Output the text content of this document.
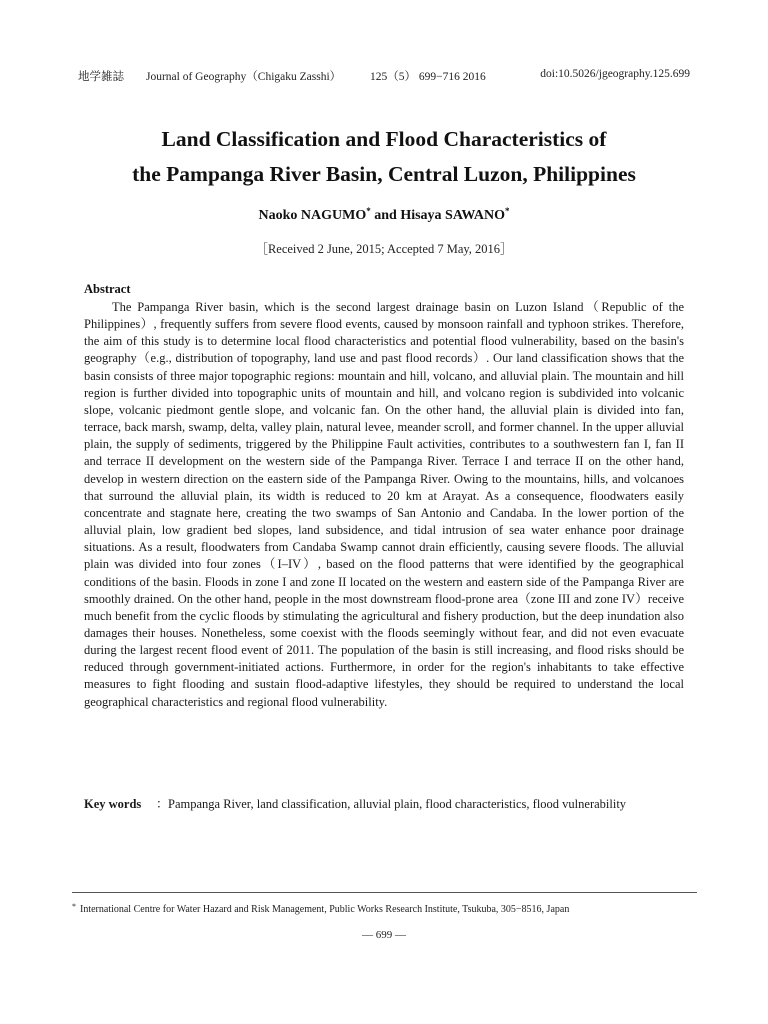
地学雑誌 Journal of Geography（Chigaku Zasshi）	125（5） 699−716 2016	doi:10.5026/jgeography.125.699
Land Classification and Flood Characteristics of
the Pampanga River Basin, Central Luzon, Philippines
Naoko NAGUMO* and Hisaya SAWANO*
［Received 2 June, 2015; Accepted 7 May, 2016］
Abstract

The Pampanga River basin, which is the second largest drainage basin on Luzon Island（Republic of the Philippines）, frequently suffers from severe flood events, caused by monsoon rainfall and typhoon strikes. Therefore, the aim of this study is to determine local flood characteristics and potential flood vulnerability, based on the basin's geography（e.g., distribution of topography, land use and past flood records）. Our land classification shows that the basin consists of three major topographic regions: mountain and hill, volcano, and alluvial plain. The mountain and hill region is further divided into topographic units of mountain and hill, and volcano region is subdivided into volcanic slope, volcanic piedmont gentle slope, and volcanic fan. On the other hand, the alluvial plain is divided into fan, terrace, back marsh, swamp, delta, valley plain, natural levee, meander scroll, and former channel. In the upper alluvial plain, the supply of sediments, triggered by the Philippine Fault activities, contributes to a southwestern fan I, fan II and terrace II development on the western side of the Pampanga River. Terrace I and terrace II on the other hand, develop in western direction on the eastern side of the Pampanga River. Owing to the mountains, hills, and volcanoes that surround the alluvial plain, its width is reduced to 20 km at Arayat. As a consequence, floodwaters easily concentrate and stagnate here, creating the two swamps of San Antonio and Candaba. In the lower portion of the alluvial plain, low gradient bed slopes, land subsidence, and tidal intrusion of sea water enhance poor drainage situations. As a result, floodwaters from Candaba Swamp cannot drain efficiently, causing severe floods. The alluvial plain was divided into four zones（I–IV）, based on the flood patterns that were identified by the geographical conditions of the basin. Floods in zone I and zone II located on the western and eastern side of the Pampanga River are smoothly drained. On the other hand, people in the most downstream flood-prone area（zone III and zone IV）receive much benefit from the cyclic floods by stimulating the agricultural and fishery production, but the deep inundation also damages their houses. Nonetheless, some coexist with the floods seemingly without fear, and did not even evacuate during the largest recent flood event of 2011. The population of the basin is still increasing, and flood risks should be reduced through government-initiated actions. Furthermore, in order for the region's inhabitants to take effective measures to fight flooding and sustain flood-adaptive lifestyles, they should be required to understand the local geographical characteristics and regional flood vulnerability.

Key words ： Pampanga River, land classification, alluvial plain, flood characteristics, flood vulnerability
* International Centre for Water Hazard and Risk Management, Public Works Research Institute, Tsukuba, 305−8516, Japan
— 699 —
